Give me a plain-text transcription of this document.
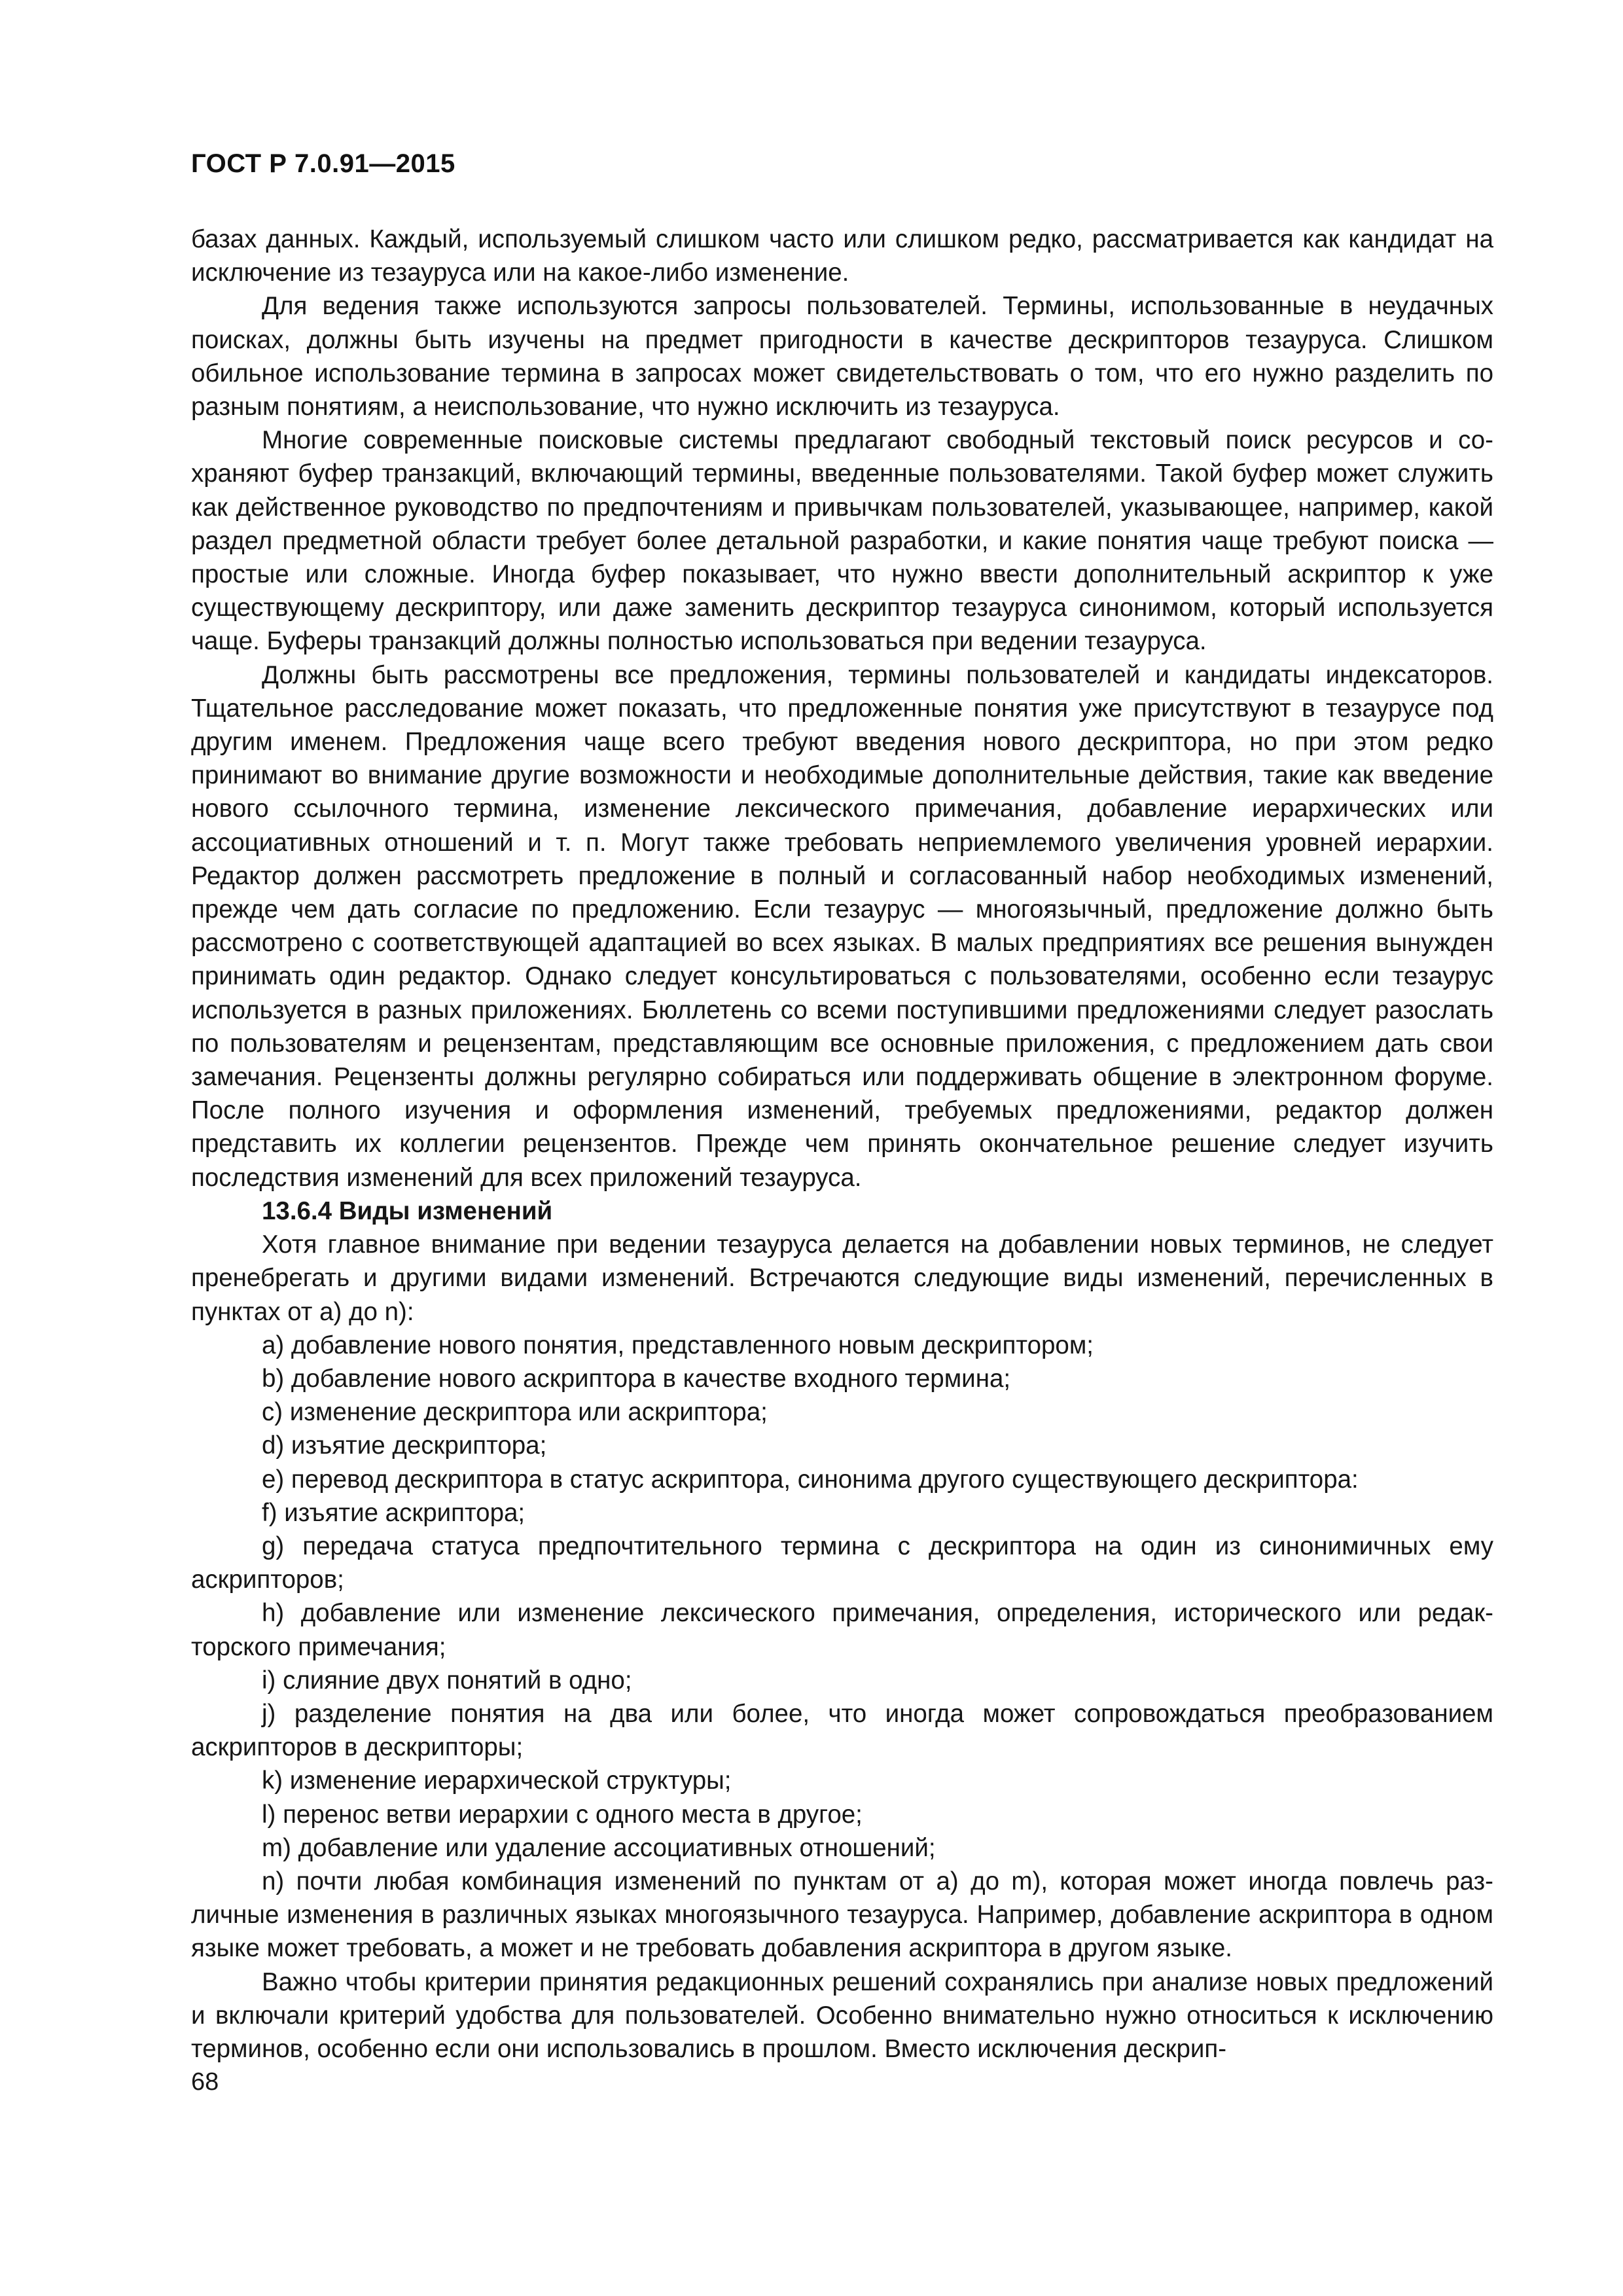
ГОСТ Р 7.0.91—2015

базах данных. Каждый, используемый слишком часто или слишком редко, рассматривается как кандидат на исключение из тезауруса или на какое-либо изменение.

Для ведения также используются запросы пользователей. Термины, использованные в неудачных поисках, должны быть изучены на предмет пригодности в качестве дескрипторов тезауруса. Слишком обильное использование термина в запросах может свидетельствовать о том, что его нужно разделить по разным понятиям, а неиспользование, что нужно исключить из тезауруса.

Многие современные поисковые системы предлагают свободный текстовый поиск ресурсов и сохраняют буфер транзакций, включающий термины, введенные пользователями. Такой буфер может служить как действенное руководство по предпочтениям и привычкам пользователей, указывающее, например, какой раздел предметной области требует более детальной разработки, и какие понятия чаще требуют поиска — простые или сложные. Иногда буфер показывает, что нужно ввести дополнительный аскриптор к уже существующему дескриптору, или даже заменить дескриптор тезауруса синонимом, который используется чаще. Буферы транзакций должны полностью использоваться при ведении тезауруса.

Должны быть рассмотрены все предложения, термины пользователей и кандидаты индексаторов. Тщательное расследование может показать, что предложенные понятия уже присутствуют в тезаурусе под другим именем. Предложения чаще всего требуют введения нового дескриптора, но при этом редко принимают во внимание другие возможности и необходимые дополнительные действия, такие как введение нового ссылочного термина, изменение лексического примечания, добавление иерархических или ассоциативных отношений и т. п. Могут также требовать неприемлемого увеличения уровней иерархии. Редактор должен рассмотреть предложение в полный и согласованный набор необходимых изменений, прежде чем дать согласие по предложению. Если тезаурус — многоязычный, предложение должно быть рассмотрено с соответствующей адаптацией во всех языках. В малых предприятиях все решения вынужден принимать один редактор. Однако следует консультироваться с пользователями, особенно если тезаурус используется в разных приложениях. Бюллетень со всеми поступившими предложениями следует разослать по пользователям и рецензентам, представляющим все основные приложения, с предложением дать свои замечания. Рецензенты должны регулярно собираться или поддерживать общение в электронном форуме. После полного изучения и оформления изменений, требуемых предложениями, редактор должен представить их коллегии рецензентов. Прежде чем принять окончательное решение следует изучить последствия изменений для всех приложений тезауруса.

13.6.4 Виды изменений

Хотя главное внимание при ведении тезауруса делается на добавлении новых терминов, не следует пренебрегать и другими видами изменений. Встречаются следующие виды изменений, перечисленных в пунктах от а) до n):

а) добавление нового понятия, представленного новым дескриптором;

b) добавление нового аскриптора в качестве входного термина;

с) изменение дескриптора или аскриптора;

d) изъятие дескриптора;

е) перевод дескриптора в статус аскриптора, синонима другого существующего дескриптора:

f) изъятие аскриптора;

g) передача статуса предпочтительного термина с дескриптора на один из синонимичных ему аскрипторов;

h) добавление или изменение лексического примечания, определения, исторического или редакторского примечания;

i) слияние двух понятий в одно;

j) разделение понятия на два или более, что иногда может сопровождаться преобразованием аскрипторов в дескрипторы;

k) изменение иерархической структуры;

l) перенос ветви иерархии с одного места в другое;

m) добавление или удаление ассоциативных отношений;

n) почти любая комбинация изменений по пунктам от а) до m), которая может иногда повлечь различные изменения в различных языках многоязычного тезауруса. Например, добавление аскриптора в одном языке может требовать, а может и не требовать добавления аскриптора в другом языке.

Важно чтобы критерии принятия редакционных решений сохранялись при анализе новых предложений и включали критерий удобства для пользователей. Особенно внимательно нужно относиться к исключению терминов, особенно если они использовались в прошлом. Вместо исключения дескрип-

68
